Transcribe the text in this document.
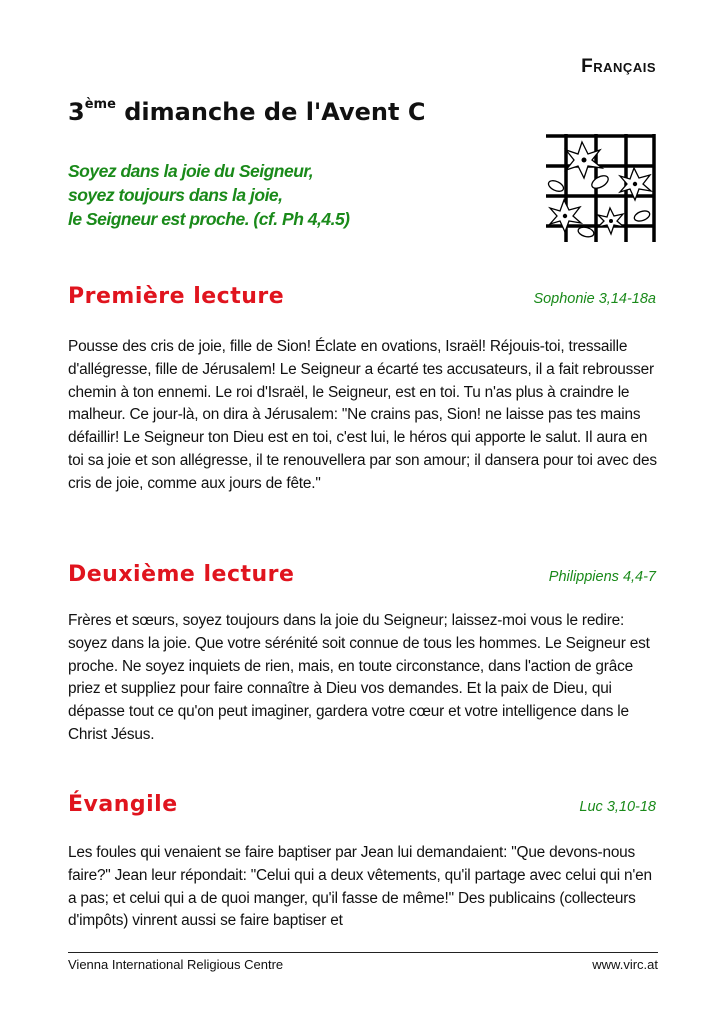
Français
3ème dimanche de l'Avent C
Soyez dans la joie du Seigneur,
soyez toujours dans la joie,
le Seigneur est proche. (cf. Ph 4,4.5)
Première lecture	Sophonie 3,14-18a
Pousse des cris de joie, fille de Sion! Éclate en ovations, Israël! Réjouis-toi, tressaille d'allégresse, fille de Jérusalem! Le Seigneur a écarté tes accusateurs, il a fait rebrousser chemin à ton ennemi. Le roi d'Israël, le Seigneur, est en toi. Tu n'as plus à craindre le malheur. Ce jour-là, on dira à Jérusalem: "Ne crains pas, Sion! ne laisse pas tes mains défaillir! Le Seigneur ton Dieu est en toi, c'est lui, le héros qui apporte le salut. Il aura en toi sa joie et son allégresse, il te renouvellera par son amour; il dansera pour toi avec des cris de joie, comme aux jours de fête."
Deuxième lecture	Philippiens 4,4-7
Frères et sœurs, soyez toujours dans la joie du Seigneur; laissez-moi vous le redire: soyez dans la joie. Que votre sérénité soit connue de tous les hommes. Le Seigneur est proche. Ne soyez inquiets de rien, mais, en toute circonstance, dans l'action de grâce priez et suppliez pour faire connaître à Dieu vos demandes. Et la paix de Dieu, qui dépasse tout ce qu'on peut imaginer, gardera votre cœur et votre intelligence dans le Christ Jésus.
Évangile	Luc 3,10-18
Les foules qui venaient se faire baptiser par Jean lui demandaient: "Que devons-nous faire?" Jean leur répondait: "Celui qui a deux vêtements, qu'il partage avec celui qui n'en a pas; et celui qui a de quoi manger, qu'il fasse de même!" Des publicains (collecteurs d'impôts) vinrent aussi se faire baptiser et
Vienna International Religious Centre	www.virc.at
